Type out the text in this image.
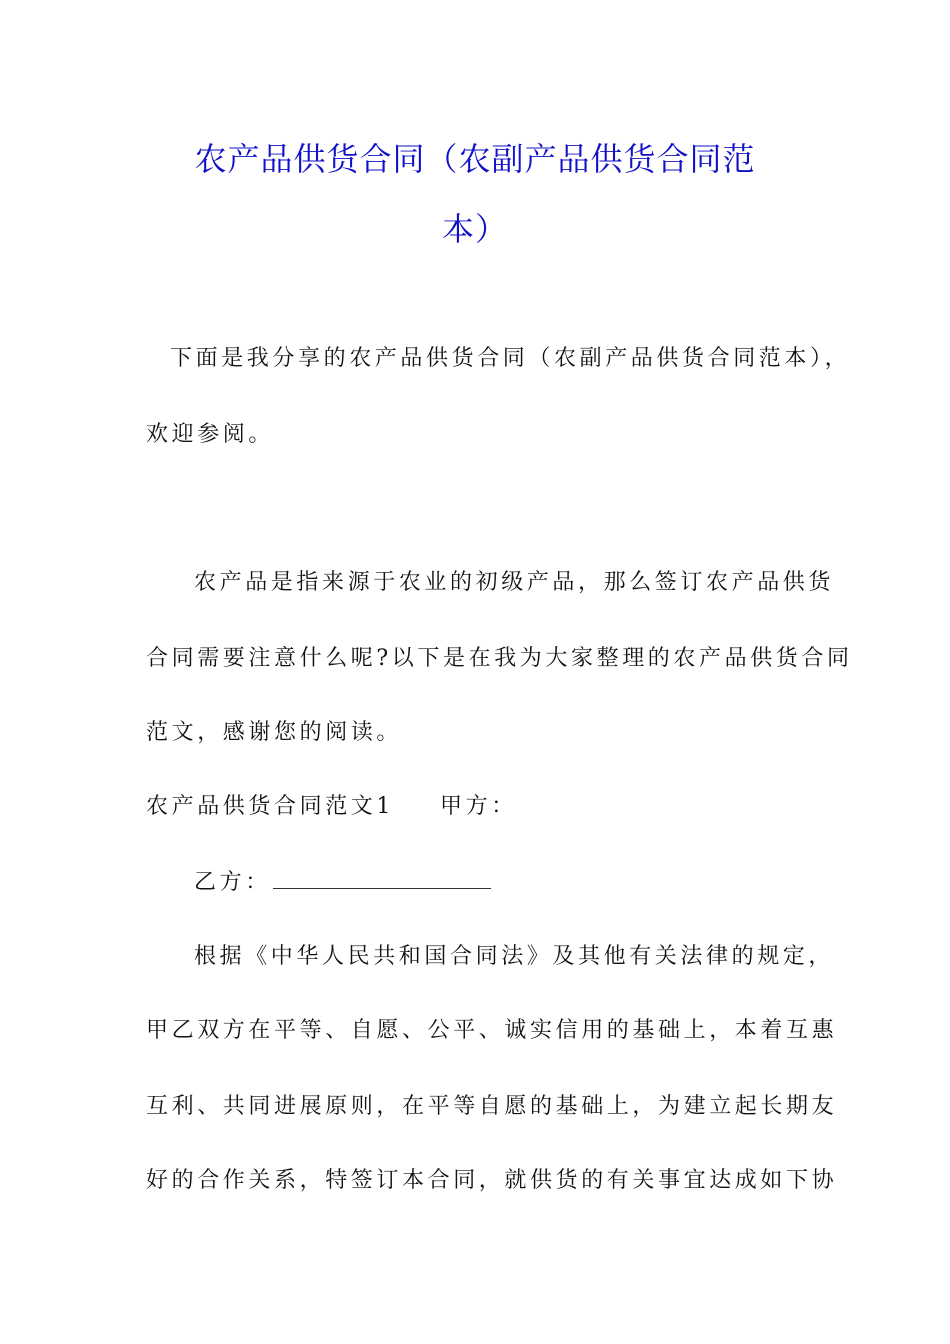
农产品供货合同（农副产品供货合同范
本）
下面是我分享的农产品供货合同（农副产品供货合同范本），
欢迎参阅。
农产品是指来源于农业的初级产品，那么签订农产品供货
合同需要注意什么呢?以下是在我为大家整理的农产品供货合同
范文，感谢您的阅读。
农产品供货合同范文1 甲方：
乙方：
根据《中华人民共和国合同法》及其他有关法律的规定，
甲乙双方在平等、自愿、公平、诚实信用的基础上，本着互惠
互利、共同进展原则，在平等自愿的基础上，为建立起长期友
好的合作关系，特签订本合同，就供货的有关事宜达成如下协
